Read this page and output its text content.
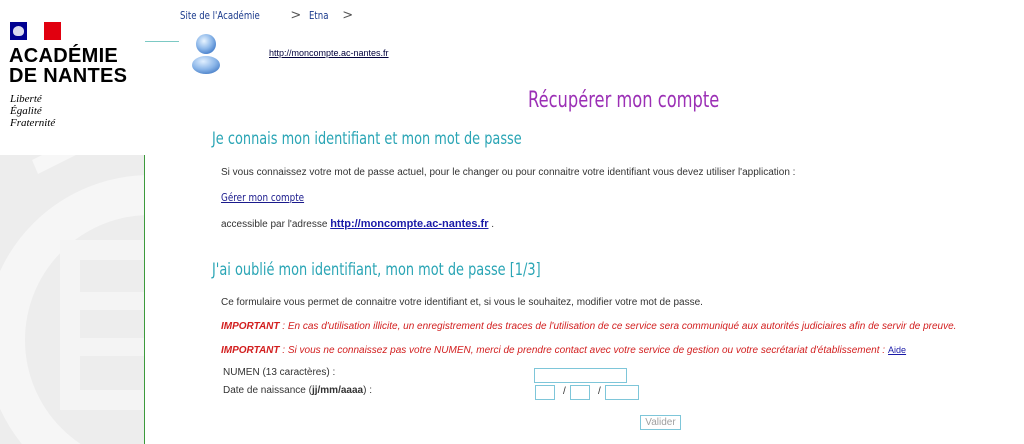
ACADÉMIE
DE NANTES
Liberté
Égalité
Fraternité
Site de l'Académie > Etna >
http://moncompte.ac-nantes.fr
Récupérer mon compte
Je connais mon identifiant et mon mot de passe
Si vous connaissez votre mot de passe actuel, pour le changer ou pour connaitre votre identifiant vous devez utiliser l'application :
Gérer mon compte
accessible par l'adresse http://moncompte.ac-nantes.fr .
J'ai oublié mon identifiant, mon mot de passe [1/3]
Ce formulaire vous permet de connaitre votre identifiant et, si vous le souhaitez, modifier votre mot de passe.
IMPORTANT : En cas d'utilisation illicite, un enregistrement des traces de l'utilisation de ce service sera communiqué aux autorités judiciaires afin de servir de preuve.
IMPORTANT : Si vous ne connaissez pas votre NUMEN, merci de prendre contact avec votre service de gestion ou votre secrétariat d'établissement : Aide
NUMEN (13 caractères) :
Date de naissance (jj/mm/aaaa) :	/	/
Valider
